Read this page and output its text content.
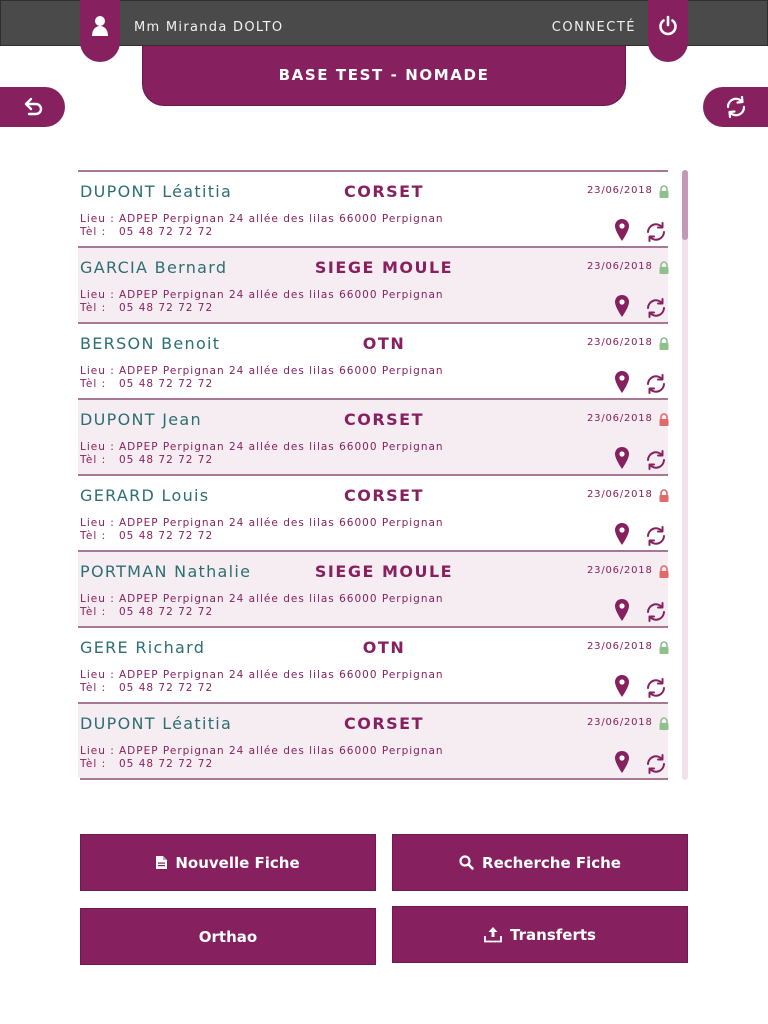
Mm Miranda DOLTO	CONNECTÉ
BASE TEST - NOMADE
DUPONT Léatitia	CORSET	23/06/2018
Lieu : ADPEP Perpignan 24 allée des lilas 66000 Perpignan
Tèl : 05 48 72 72 72
GARCIA Bernard	SIEGE MOULE	23/06/2018
Lieu : ADPEP Perpignan 24 allée des lilas 66000 Perpignan
Tèl : 05 48 72 72 72
BERSON Benoit	OTN	23/06/2018
Lieu : ADPEP Perpignan 24 allée des lilas 66000 Perpignan
Tèl : 05 48 72 72 72
DUPONT Jean	CORSET	23/06/2018
Lieu : ADPEP Perpignan 24 allée des lilas 66000 Perpignan
Tèl : 05 48 72 72 72
GERARD Louis	CORSET	23/06/2018
Lieu : ADPEP Perpignan 24 allée des lilas 66000 Perpignan
Tèl : 05 48 72 72 72
PORTMAN Nathalie	SIEGE MOULE	23/06/2018
Lieu : ADPEP Perpignan 24 allée des lilas 66000 Perpignan
Tèl : 05 48 72 72 72
GERE Richard	OTN	23/06/2018
Lieu : ADPEP Perpignan 24 allée des lilas 66000 Perpignan
Tèl : 05 48 72 72 72
DUPONT Léatitia	CORSET	23/06/2018
Lieu : ADPEP Perpignan 24 allée des lilas 66000 Perpignan
Tèl : 05 48 72 72 72
Nouvelle Fiche	Recherche Fiche
Orthao	Transferts
